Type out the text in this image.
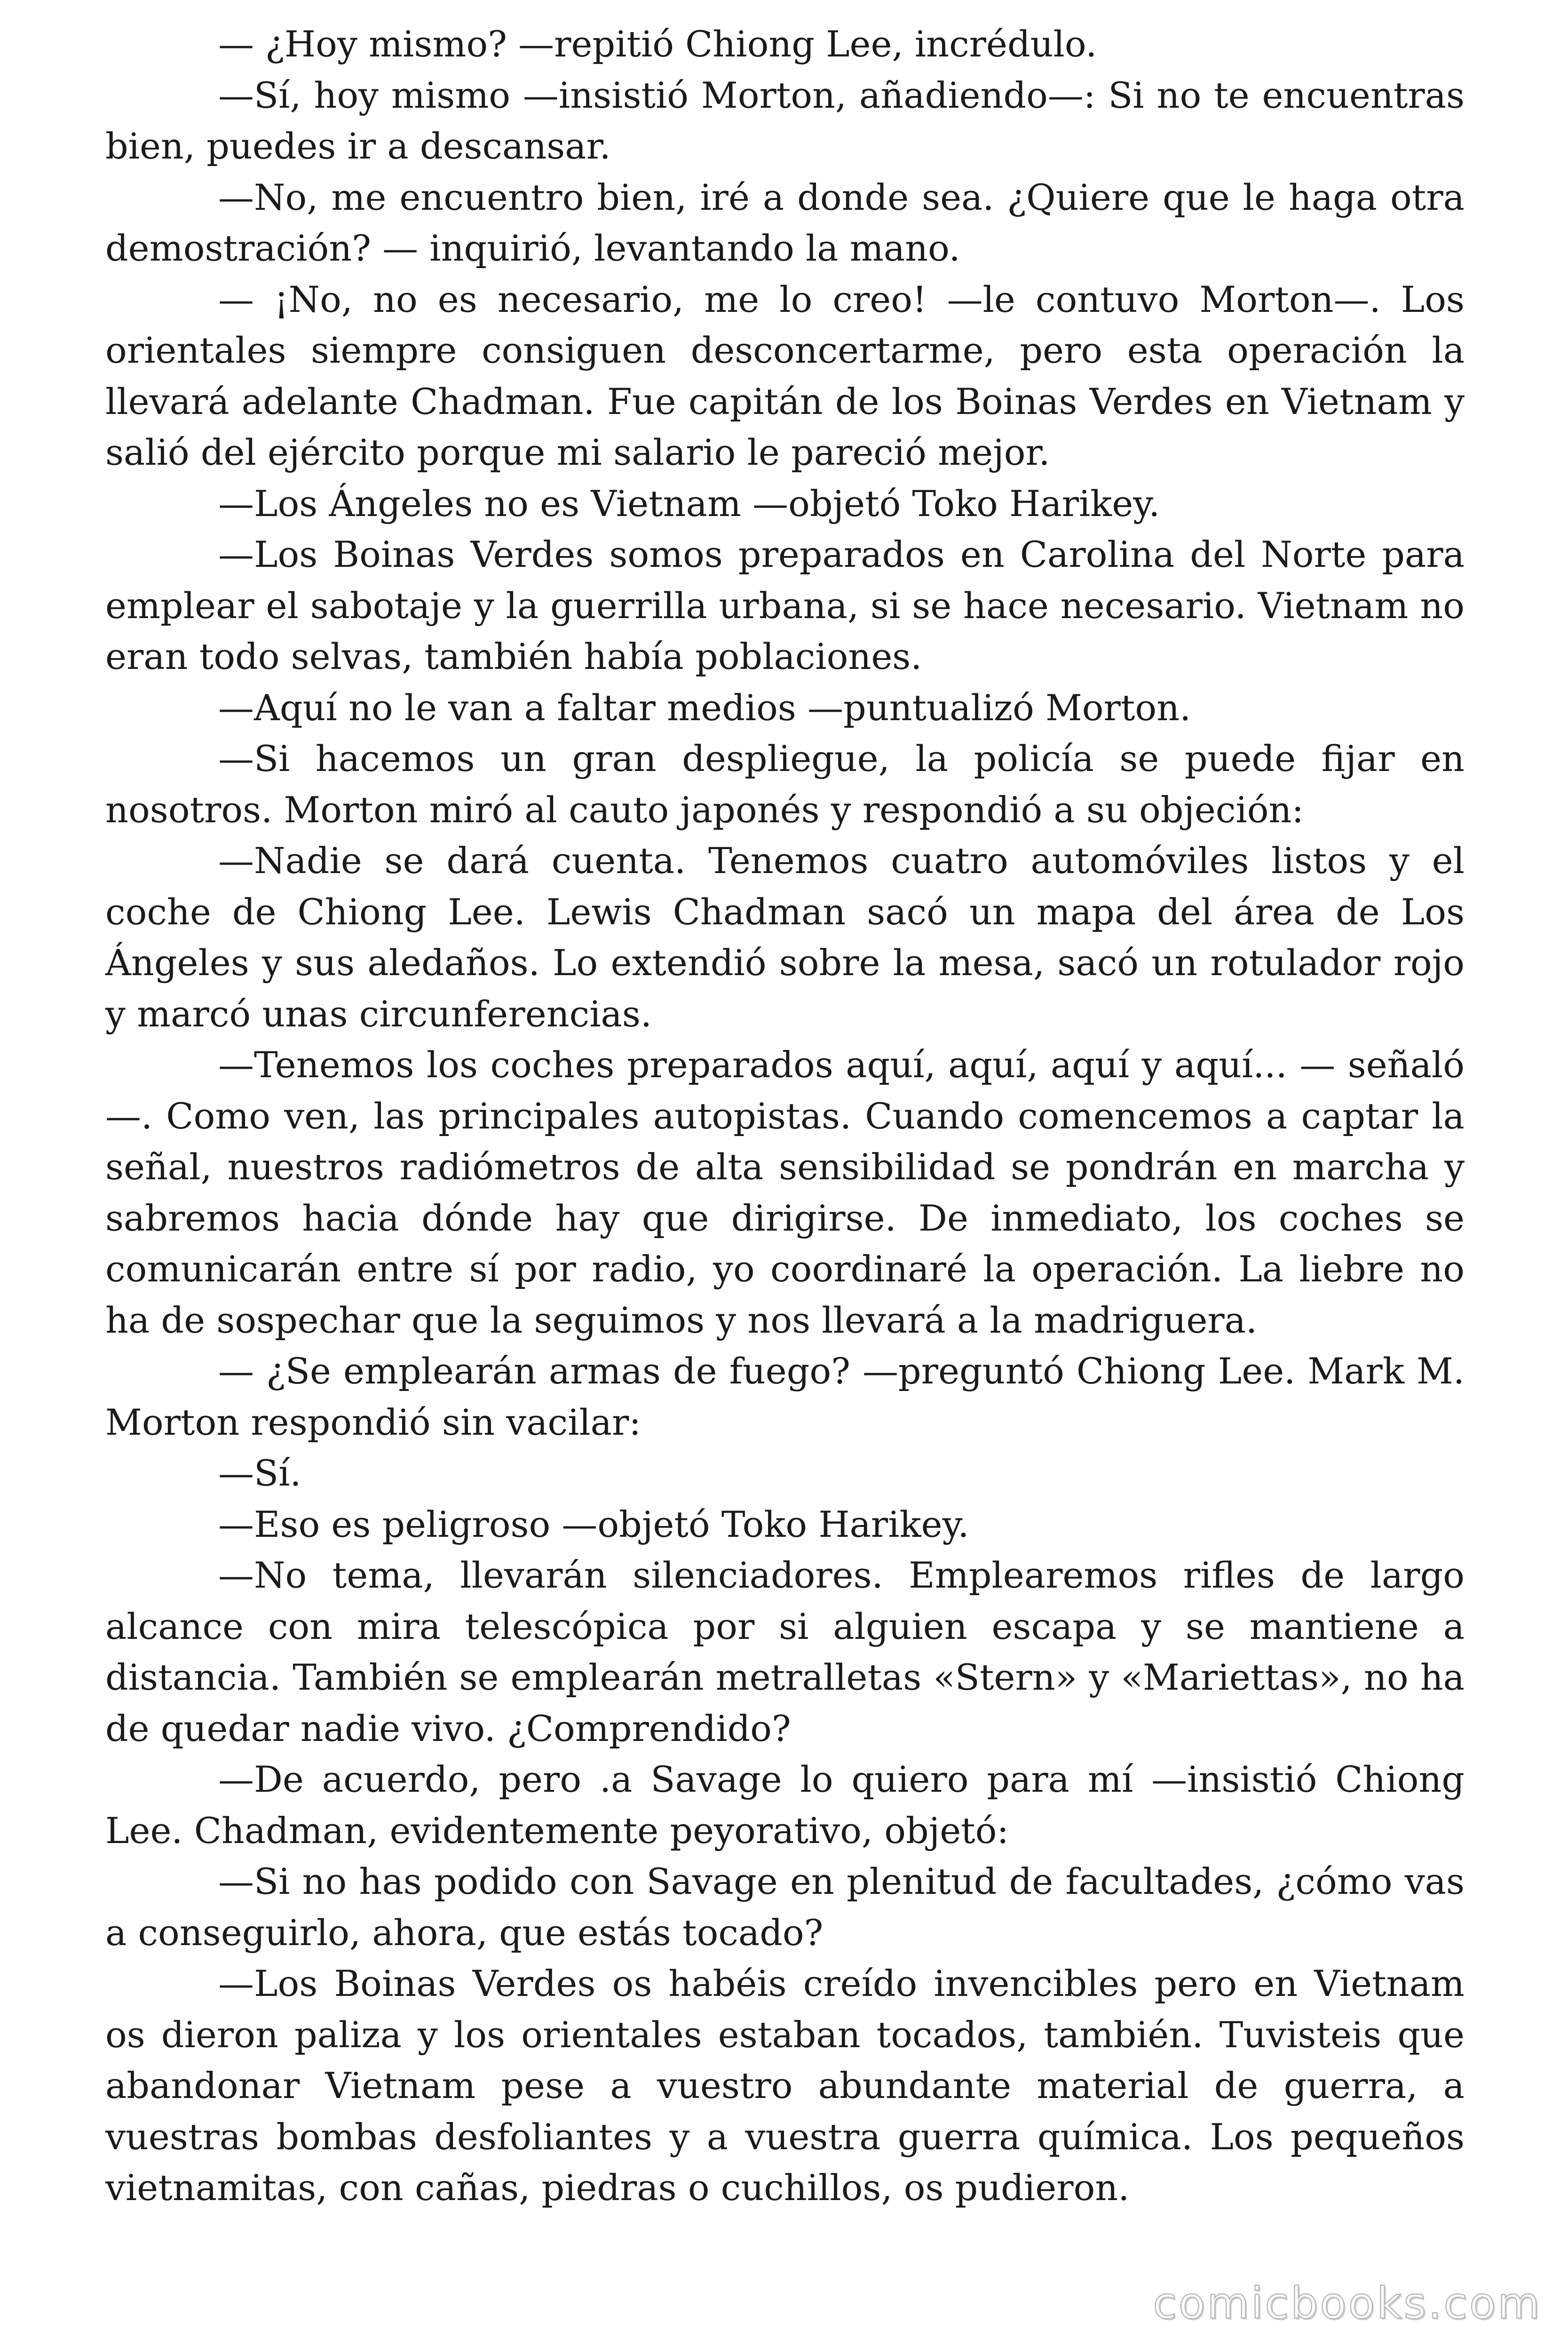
— ¿Hoy mismo? —repitió Chiong Lee, incrédulo.

—Sí, hoy mismo —insistió Morton, añadiendo—: Si no te encuentras bien, puedes ir a descansar.

—No, me encuentro bien, iré a donde sea. ¿Quiere que le haga otra demostración? — inquirió, levantando la mano.

— ¡No, no es necesario, me lo creo! —le contuvo Morton—. Los orientales siempre consiguen desconcertarme, pero esta operación la llevará adelante Chadman. Fue capitán de los Boinas Verdes en Vietnam y salió del ejército porque mi salario le pareció mejor.

—Los Ángeles no es Vietnam —objetó Toko Harikey.

—Los Boinas Verdes somos preparados en Carolina del Norte para emplear el sabotaje y la guerrilla urbana, si se hace necesario. Vietnam no eran todo selvas, también había poblaciones.

—Aquí no le van a faltar medios —puntualizó Morton.

—Si hacemos un gran despliegue, la policía se puede fijar en nosotros. Morton miró al cauto japonés y respondió a su objeción:

—Nadie se dará cuenta. Tenemos cuatro automóviles listos y el coche de Chiong Lee. Lewis Chadman sacó un mapa del área de Los Ángeles y sus aledaños. Lo extendió sobre la mesa, sacó un rotulador rojo y marcó unas circunferencias.

—Tenemos los coches preparados aquí, aquí, aquí y aquí... — señaló—. Como ven, las principales autopistas. Cuando comencemos a captar la señal, nuestros radiómetros de alta sensibilidad se pondrán en marcha y sabremos hacia dónde hay que dirigirse. De inmediato, los coches se comunicarán entre sí por radio, yo coordinaré la operación. La liebre no ha de sospechar que la seguimos y nos llevará a la madriguera.

— ¿Se emplearán armas de fuego? —preguntó Chiong Lee. Mark M. Morton respondió sin vacilar:

—Sí.

—Eso es peligroso —objetó Toko Harikey.

—No tema, llevarán silenciadores. Emplearemos rifles de largo alcance con mira telescópica por si alguien escapa y se mantiene a distancia. También se emplearán metralletas «Stern» y «Mariettas», no ha de quedar nadie vivo. ¿Comprendido?

—De acuerdo, pero .a Savage lo quiero para mí —insistió Chiong Lee. Chadman, evidentemente peyorativo, objetó:

—Si no has podido con Savage en plenitud de facultades, ¿cómo vas a conseguirlo, ahora, que estás tocado?

—Los Boinas Verdes os habéis creído invencibles pero en Vietnam os dieron paliza y los orientales estaban tocados, también. Tuvisteis que abandonar Vietnam pese a vuestro abundante material de guerra, a vuestras bombas desfoliantes y a vuestra guerra química. Los pequeños vietnamitas, con cañas, piedras o cuchillos, os pudieron.

comicbooks.com
